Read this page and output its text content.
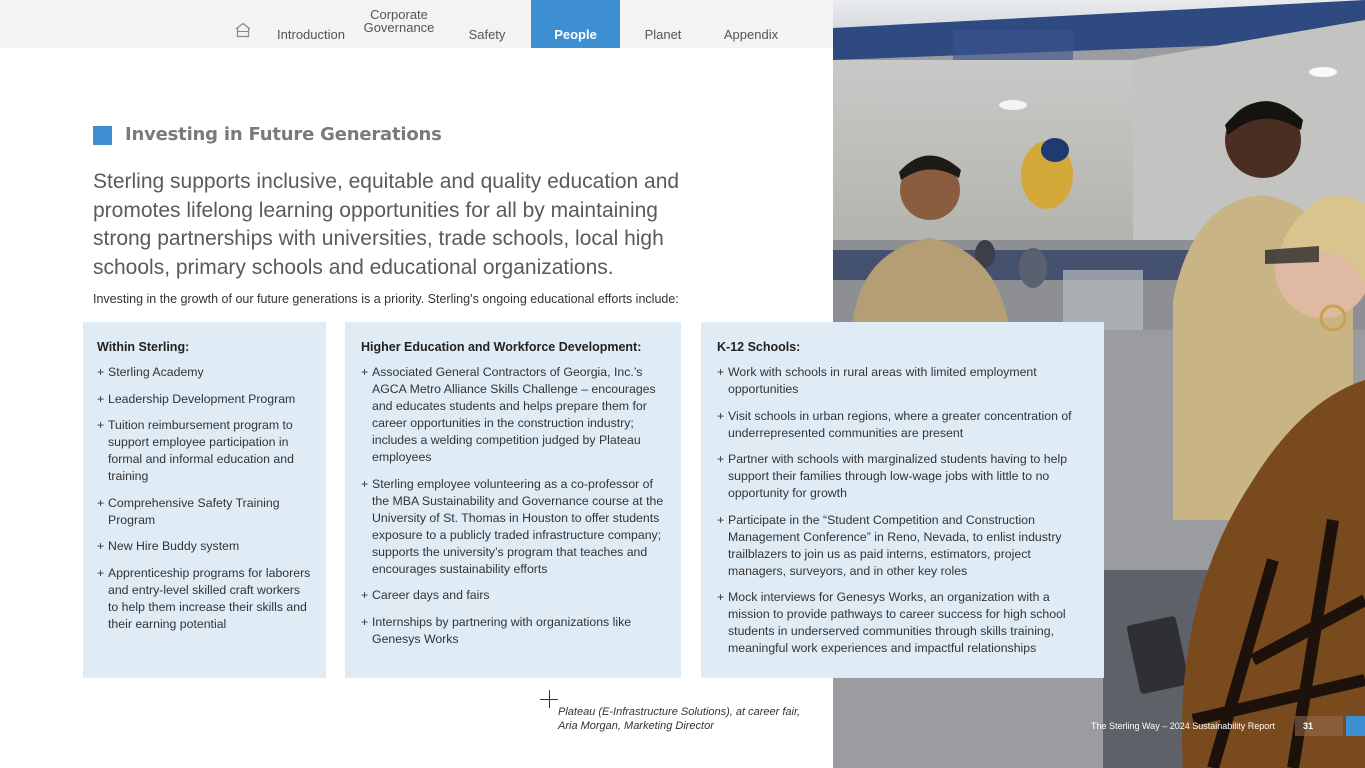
Introduction
Corporate
Governance	Safety	People	Planet	Appendix
Investing in Future Generations

Sterling supports inclusive, equitable and quality education and promotes lifelong learning opportunities for all by maintaining strong partnerships with universities, trade schools, local high schools, primary schools and educational organizations.

Investing in the growth of our future generations is a priority. Sterling’s ongoing educational efforts include:

Within Sterling:
+ Sterling Academy
+ Leadership Development Program
+ Tuition reimbursement program to support employee participation in formal and informal education and training
+ Comprehensive Safety Training Program
+ New Hire Buddy system
+ Apprenticeship programs for laborers and entry-level skilled craft workers to help them increase their skills and their earning potential
Higher Education and Workforce Development:
+ Associated General Contractors of Georgia, Inc.’s AGCA Metro Alliance Skills Challenge – encourages and educates students and helps prepare them for career opportunities in the construction industry; includes a welding competition judged by Plateau employees
+ Sterling employee volunteering as a co-professor of the MBA Sustainability and Governance course at the University of St. Thomas in Houston to offer students exposure to a publicly traded infrastructure company; supports the university’s program that teaches and encourages sustainability efforts
+ Career days and fairs
+ Internships by partnering with organizations like Genesys Works
K-12 Schools:
+ Work with schools in rural areas with limited employment opportunities
+ Visit schools in urban regions, where a greater concentration of underrepresented communities are present
+ Partner with schools with marginalized students having to help support their families through low-wage jobs with little to no opportunity for growth
+ Participate in the “Student Competition and Construction Management Conference” in Reno, Nevada, to enlist industry trailblazers to join us as paid interns, estimators, project managers, surveyors, and in other key roles
+ Mock interviews for Genesys Works, an organization with a mission to provide pathways to career success for high school students in underserved communities through skills training, meaningful work experiences and impactful relationships
Plateau (E-Infrastructure Solutions), at career fair,
Aria Morgan, Marketing Director	The Sterling Way – 2024 Sustainability Report	31
